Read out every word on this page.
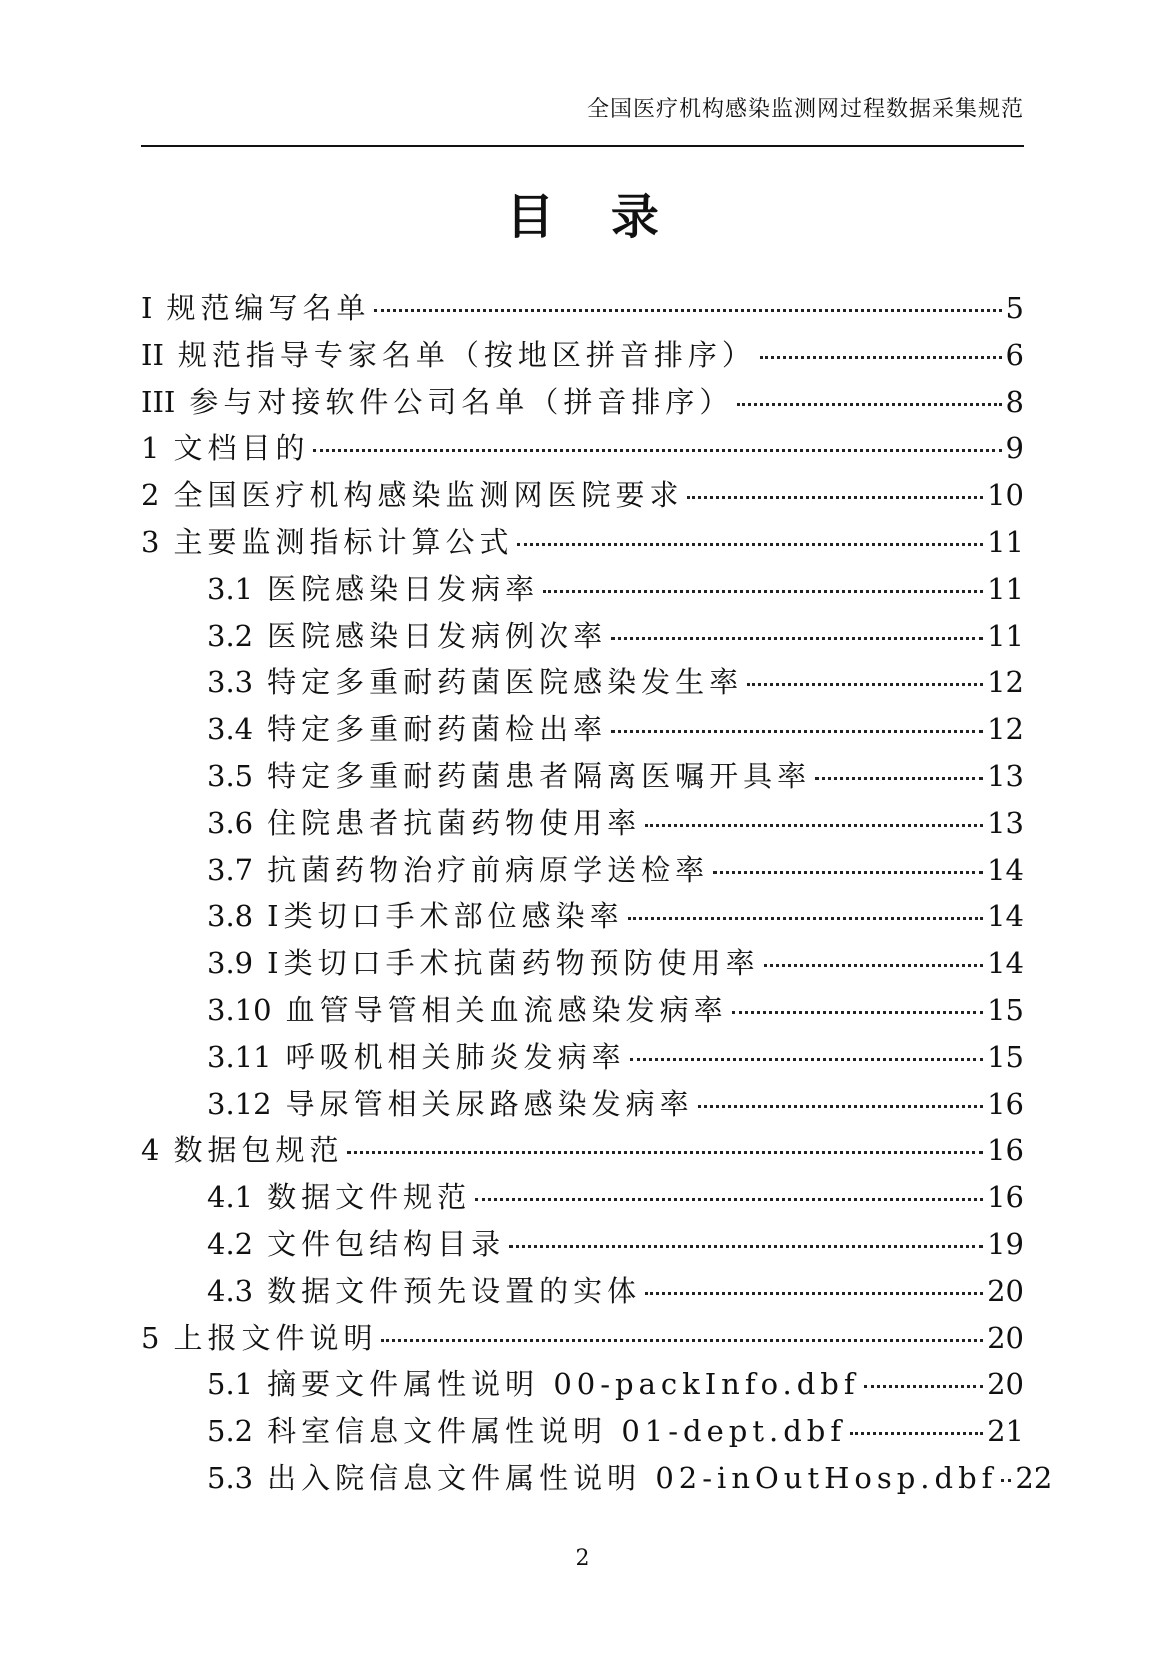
全国医疗机构感染监测网过程数据采集规范
目 录
I 规范编写名单	5
II 规范指导专家名单（按地区拼音排序）	6
III 参与对接软件公司名单（拼音排序）	8
1 文档目的	9
2 全国医疗机构感染监测网医院要求	10
3 主要监测指标计算公式	11
3.1 医院感染日发病率	11
3.2 医院感染日发病例次率	11
3.3 特定多重耐药菌医院感染发生率	12
3.4 特定多重耐药菌检出率	12
3.5 特定多重耐药菌患者隔离医嘱开具率	13
3.6 住院患者抗菌药物使用率	13
3.7 抗菌药物治疗前病原学送检率	14
3.8 I类切口手术部位感染率	14
3.9 I类切口手术抗菌药物预防使用率	14
3.10 血管导管相关血流感染发病率	15
3.11 呼吸机相关肺炎发病率	15
3.12 导尿管相关尿路感染发病率	16
4 数据包规范	16
4.1 数据文件规范	16
4.2 文件包结构目录	19
4.3 数据文件预先设置的实体	20
5 上报文件说明	20
5.1 摘要文件属性说明 00-packInfo.dbf	20
5.2 科室信息文件属性说明 01-dept.dbf	21
5.3 出入院信息文件属性说明 02-inOutHosp.dbf 22
2
